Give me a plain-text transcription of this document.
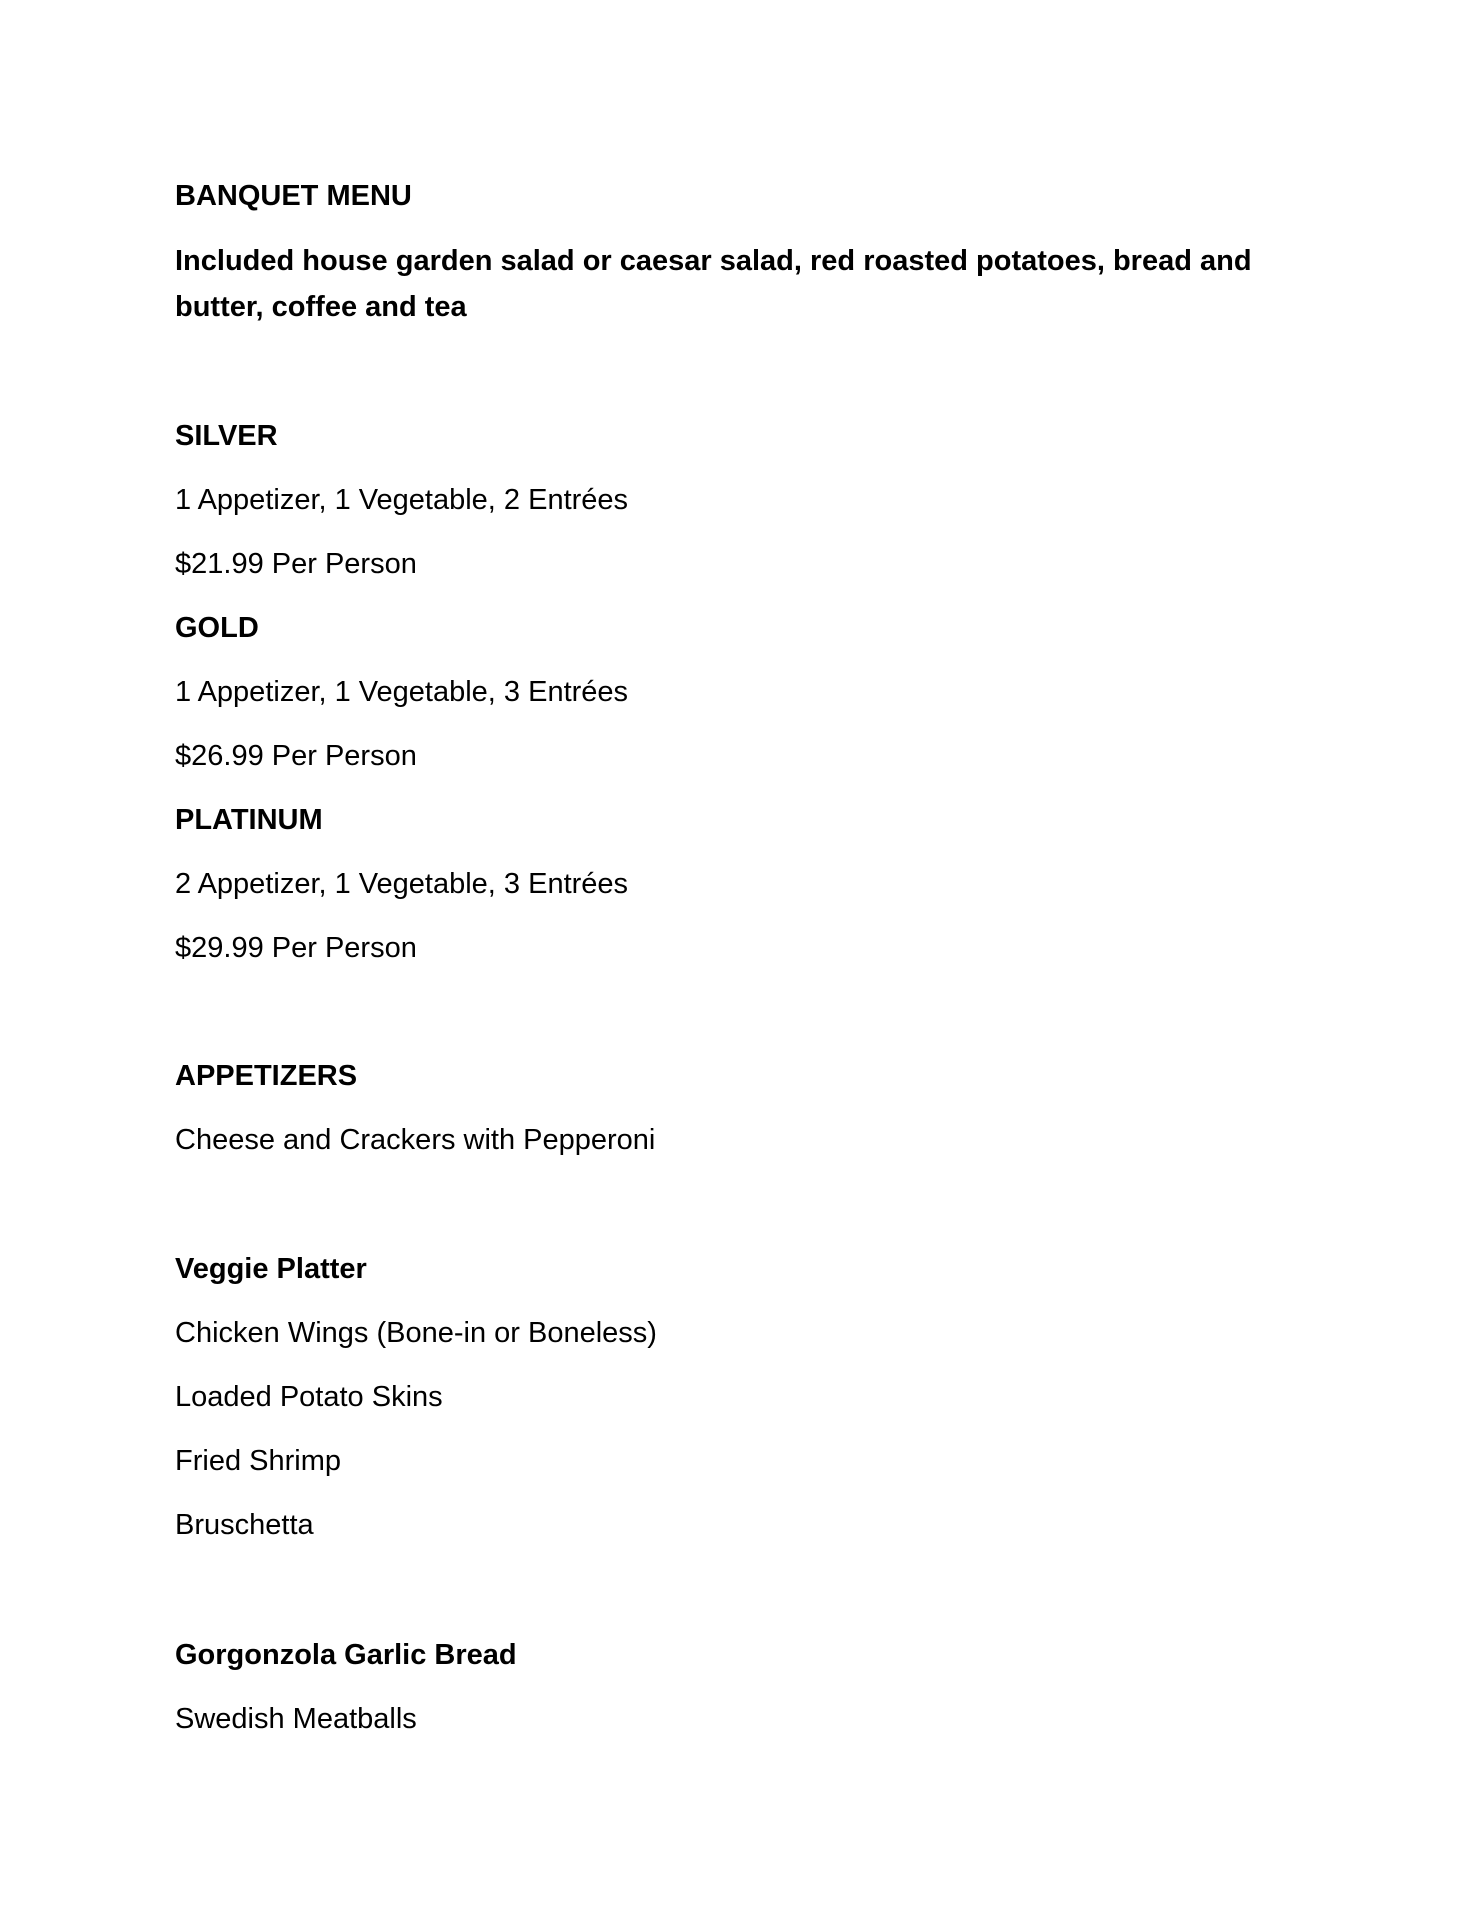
BANQUET MENU

Included house garden salad or caesar salad, red roasted potatoes, bread and butter, coffee and tea

SILVER

1 Appetizer, 1 Vegetable, 2 Entrées

$21.99 Per Person

GOLD

1 Appetizer, 1 Vegetable, 3 Entrées

$26.99 Per Person

PLATINUM

2 Appetizer, 1 Vegetable, 3 Entrées

$29.99 Per Person

APPETIZERS

Cheese and Crackers with Pepperoni

Veggie Platter

Chicken Wings (Bone-in or Boneless)

Loaded Potato Skins

Fried Shrimp

Bruschetta

Gorgonzola Garlic Bread

Swedish Meatballs
